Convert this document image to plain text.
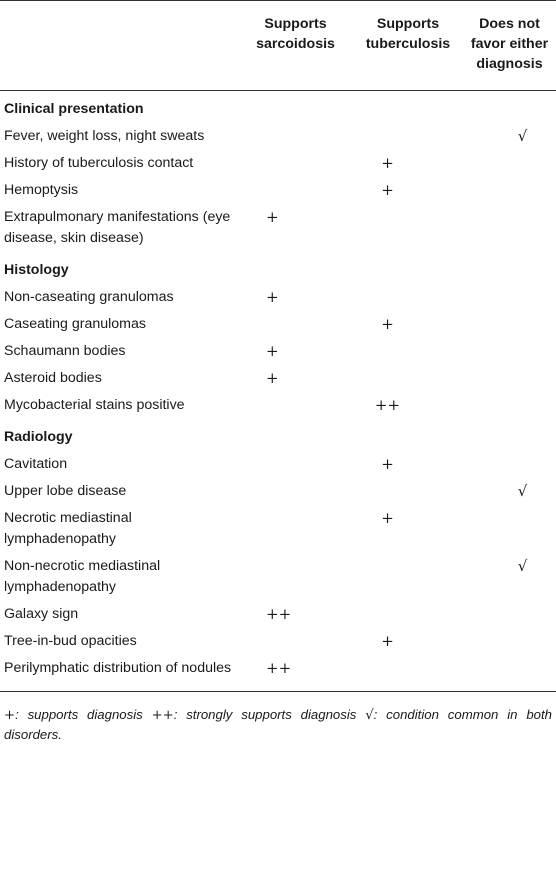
	Supports sarcoidosis	Supports tuberculosis	Does not favor either diagnosis
Clinical presentation			
Fever, weight loss, night sweats			√
History of tuberculosis contact		+	
Hemoptysis		+	
Extrapulmonary manifestations (eye disease, skin disease)	+		
Histology			
Non-caseating granulomas	+		
Caseating granulomas		+	
Schaumann bodies	+		
Asteroid bodies	+		
Mycobacterial stains positive		++	
Radiology			
Cavitation		+	
Upper lobe disease			√
Necrotic mediastinal lymphadenopathy		+	
Non-necrotic mediastinal lymphadenopathy			√
Galaxy sign	++		
Tree-in-bud opacities		+	
Perilymphatic distribution of nodules	++		
+: supports diagnosis ++: strongly supports diagnosis √: condition common in both disorders.
